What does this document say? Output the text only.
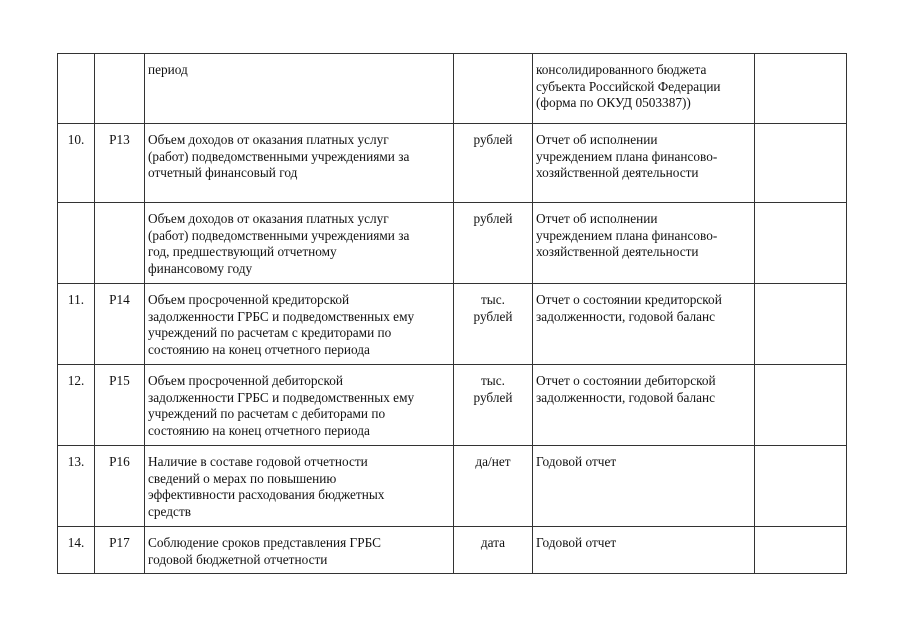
		период		консолидированного бюджета
субъекта Российской Федерации
(форма по ОКУД 0503387))	

10.	Р13	Объем доходов от оказания платных услуг
(работ) подведомственными учреждениями за
отчетный финансовый год	рублей	Отчет об исполнении
учреждением плана финансово-
хозяйственной деятельности	

		Объем доходов от оказания платных услуг
(работ) подведомственными учреждениями за
год, предшествующий отчетному
финансовому году	рублей	Отчет об исполнении
учреждением плана финансово-
хозяйственной деятельности	

11.	Р14	Объем просроченной кредиторской
задолженности ГРБС и подведомственных ему
учреждений по расчетам с кредиторами по
состоянию на конец отчетного периода	тыс.
рублей	Отчет о состоянии кредиторской
задолженности, годовой баланс	

12.	Р15	Объем просроченной дебиторской
задолженности ГРБС и подведомственных ему
учреждений по расчетам с дебиторами по
состоянию на конец отчетного периода	тыс.
рублей	Отчет о состоянии дебиторской
задолженности, годовой баланс	

13.	Р16	Наличие в составе годовой отчетности
сведений о мерах по повышению
эффективности расходования бюджетных
средств	да/нет	Годовой отчет	

14.	Р17	Соблюдение сроков представления ГРБС
годовой бюджетной отчетности	дата	Годовой отчет	
